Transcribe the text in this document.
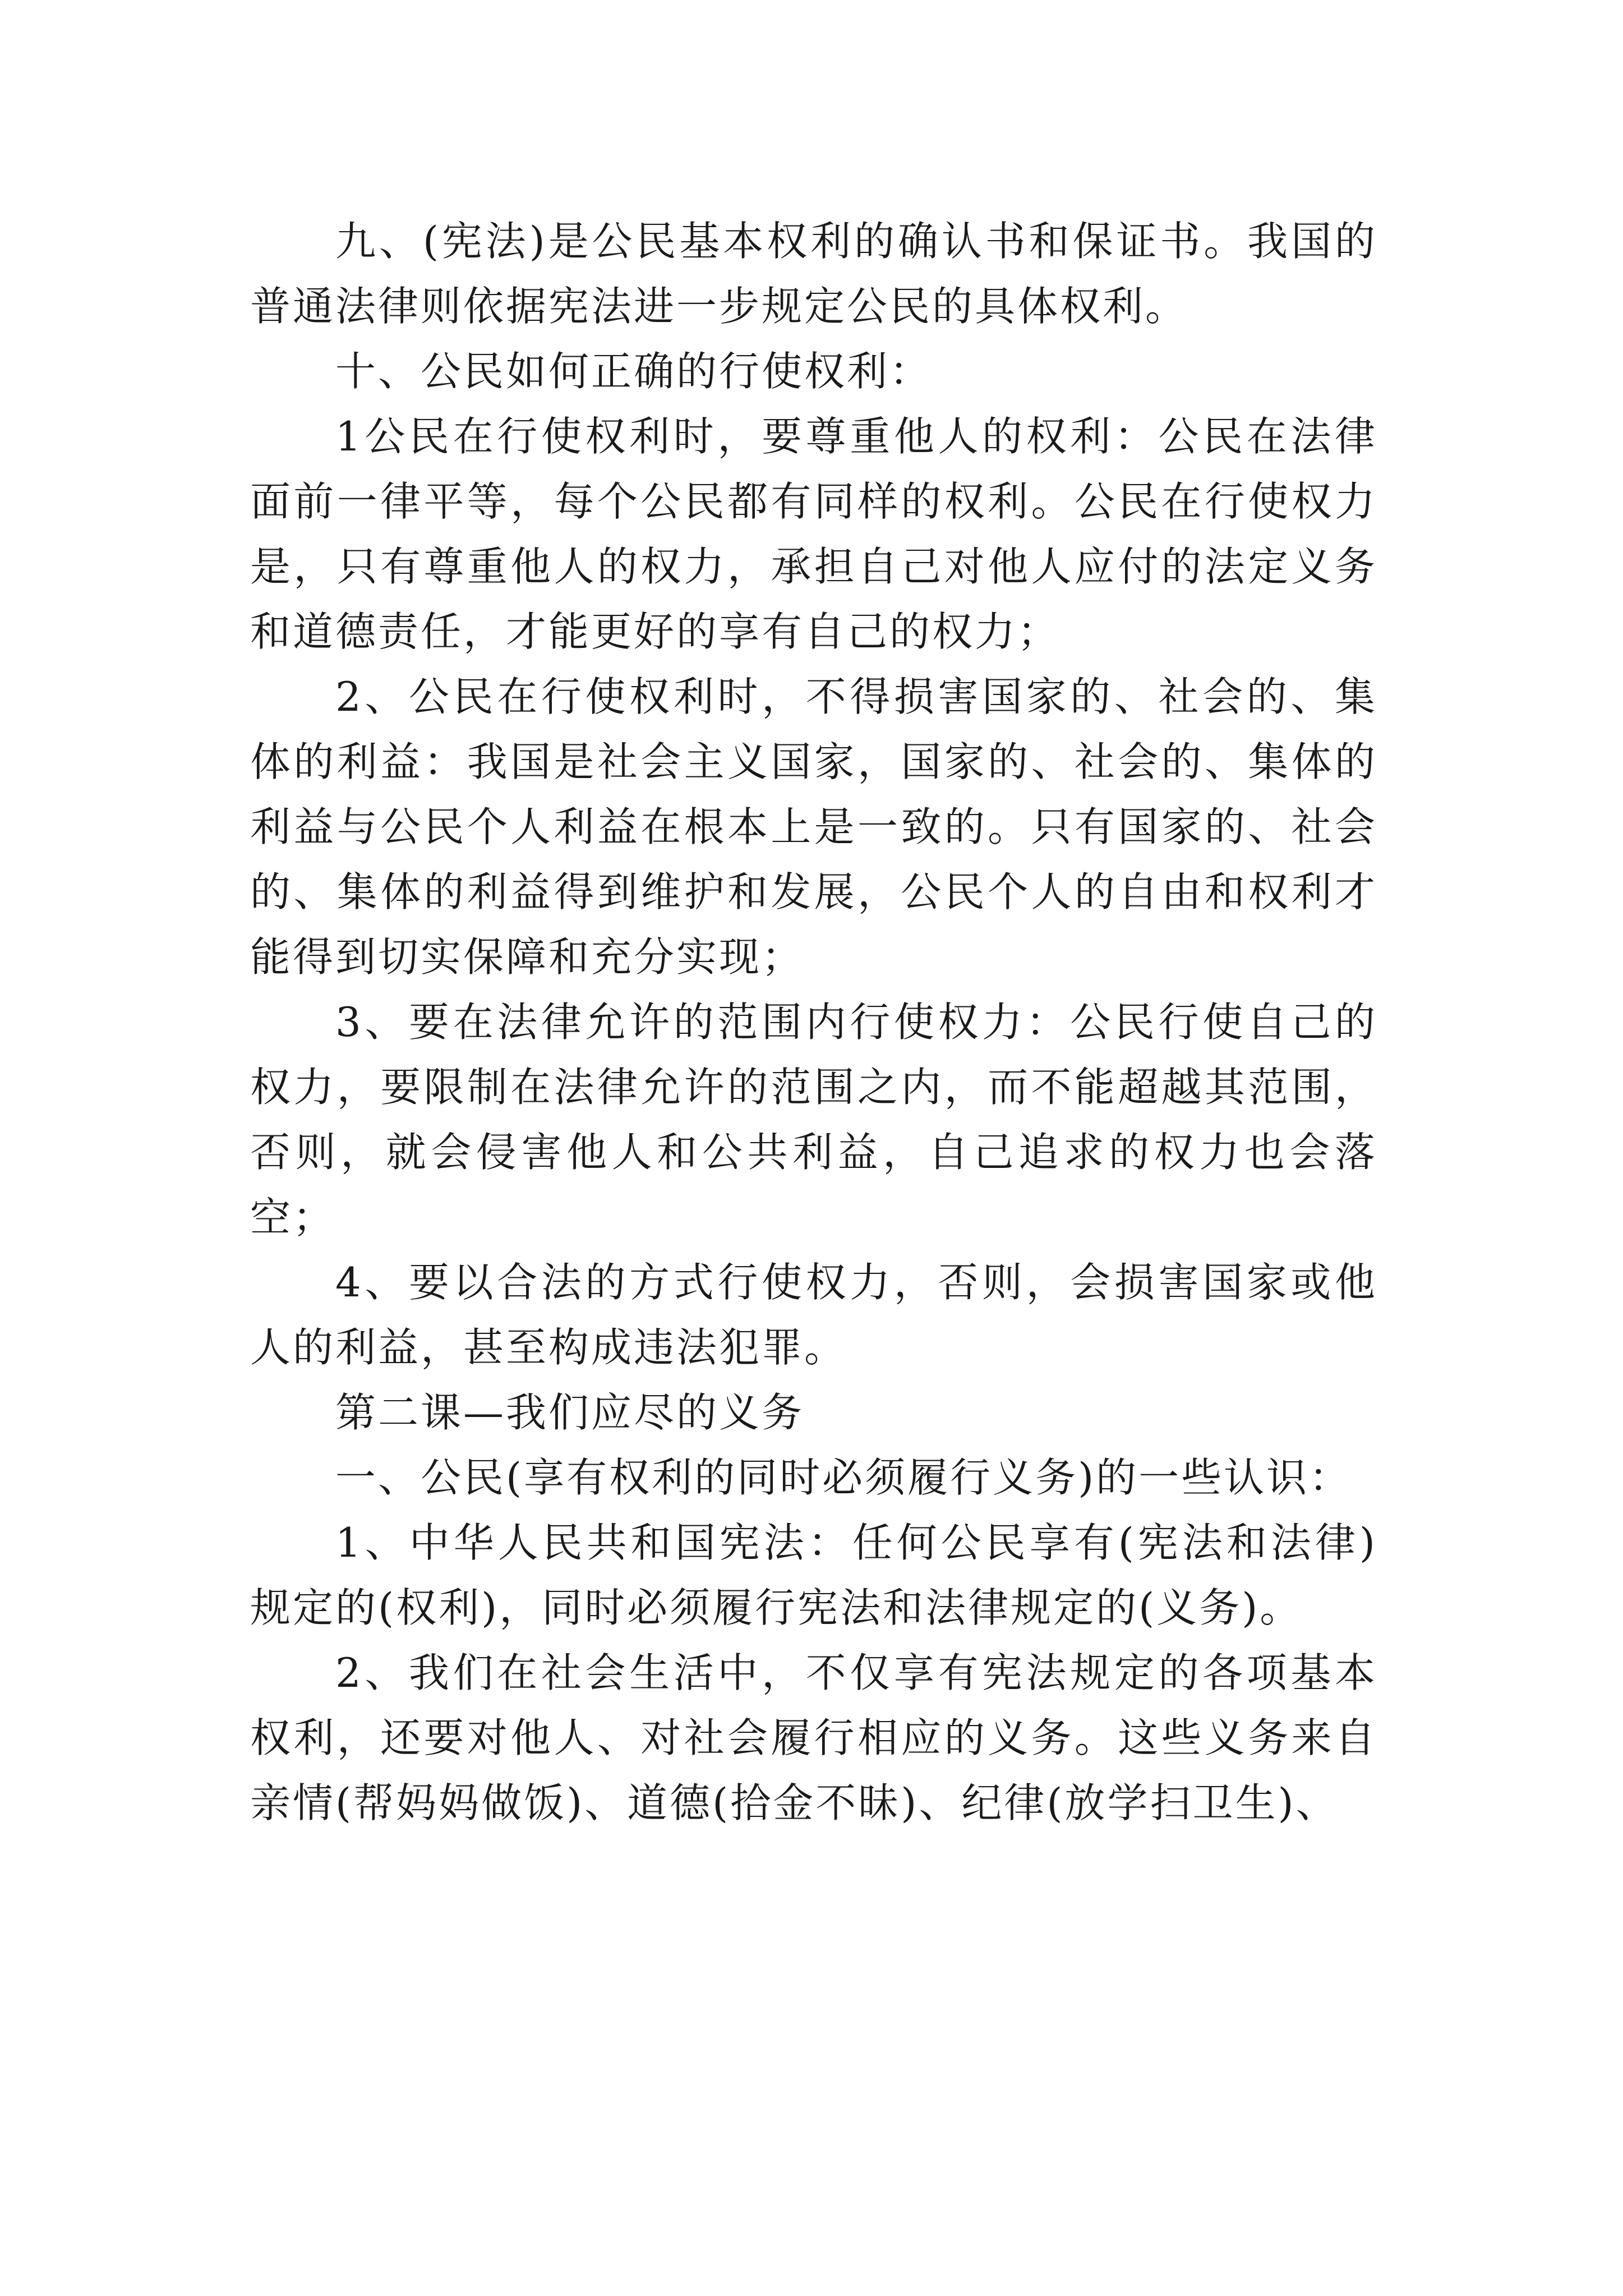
九、(宪法)是公民基本权利的确认书和保证书。我国的普通法律则依据宪法进一步规定公民的具体权利。

十、公民如何正确的行使权利：

1公民在行使权利时，要尊重他人的权利：公民在法律面前一律平等，每个公民都有同样的权利。公民在行使权力是，只有尊重他人的权力，承担自己对他人应付的法定义务和道德责任，才能更好的享有自己的权力；

2、公民在行使权利时，不得损害国家的、社会的、集体的利益：我国是社会主义国家，国家的、社会的、集体的利益与公民个人利益在根本上是一致的。只有国家的、社会的、集体的利益得到维护和发展，公民个人的自由和权利才能得到切实保障和充分实现；

3、要在法律允许的范围内行使权力：公民行使自己的权力，要限制在法律允许的范围之内，而不能超越其范围，否则，就会侵害他人和公共利益，自己追求的权力也会落空；

4、要以合法的方式行使权力，否则，会损害国家或他人的利益，甚至构成违法犯罪。

第二课—我们应尽的义务

一、公民(享有权利的同时必须履行义务)的一些认识：

1、中华人民共和国宪法：任何公民享有(宪法和法律)规定的(权利)，同时必须履行宪法和法律规定的(义务)。

2、我们在社会生活中，不仅享有宪法规定的各项基本权利，还要对他人、对社会履行相应的义务。这些义务来自亲情(帮妈妈做饭)、道德(拾金不昧)、纪律(放学扫卫生)、
